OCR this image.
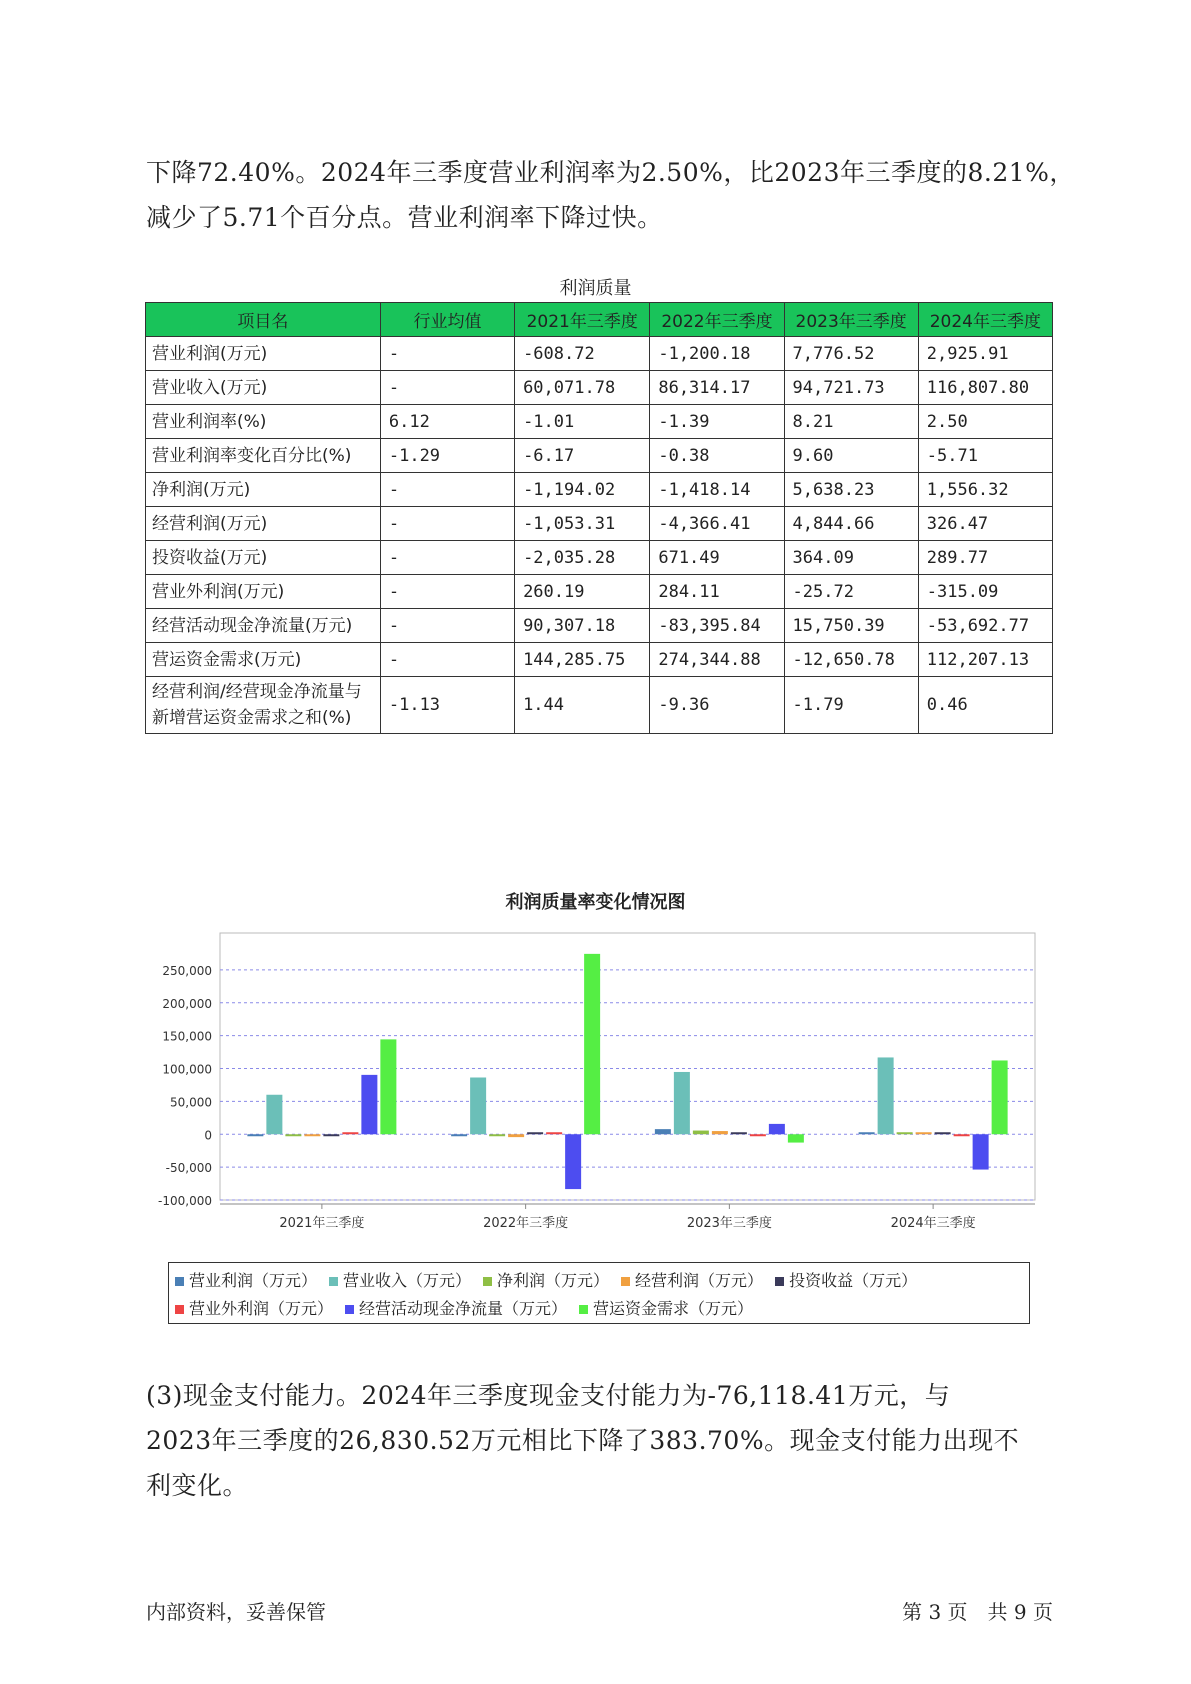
下降72.40%。2024年三季度营业利润率为2.50%，比2023年三季度的8.21%，
减少了5.71个百分点。营业利润率下降过快。
利润质量
项目名	行业均值	2021年三季度	2022年三季度	2023年三季度	2024年三季度
营业利润(万元)	-	-608.72	-1,200.18	7,776.52	2,925.91
营业收入(万元)	-	60,071.78	86,314.17	94,721.73	116,807.80
营业利润率(%)	6.12	-1.01	-1.39	8.21	2.50
营业利润率变化百分比(%)	-1.29	-6.17	-0.38	9.60	-5.71
净利润(万元)	-	-1,194.02	-1,418.14	5,638.23	1,556.32
经营利润(万元)	-	-1,053.31	-4,366.41	4,844.66	326.47
投资收益(万元)	-	-2,035.28	671.49	364.09	289.77
营业外利润(万元)	-	260.19	284.11	-25.72	-315.09
经营活动现金净流量(万元)	-	90,307.18	-83,395.84	15,750.39	-53,692.77
营运资金需求(万元)	-	144,285.75	274,344.88	-12,650.78	112,207.13
经营利润/经营现金净流量与新增营运资金需求之和(%)	-1.13	1.44	-9.36	-1.79	0.46
利润质量率变化情况图
250,000
200,000
150,000
100,000
50,000
0
-50,000
-100,000
2021年三季度	2022年三季度	2023年三季度	2024年三季度
营业利润（万元） 营业收入（万元） 净利润（万元） 经营利润（万元） 投资收益（万元）
营业外利润（万元） 经营活动现金净流量（万元） 营运资金需求（万元）
(3)现金支付能力。2024年三季度现金支付能力为-76,118.41万元，与
2023年三季度的26,830.52万元相比下降了383.70%。现金支付能力出现不
利变化。
内部资料，妥善保管	第 3 页　共 9 页
